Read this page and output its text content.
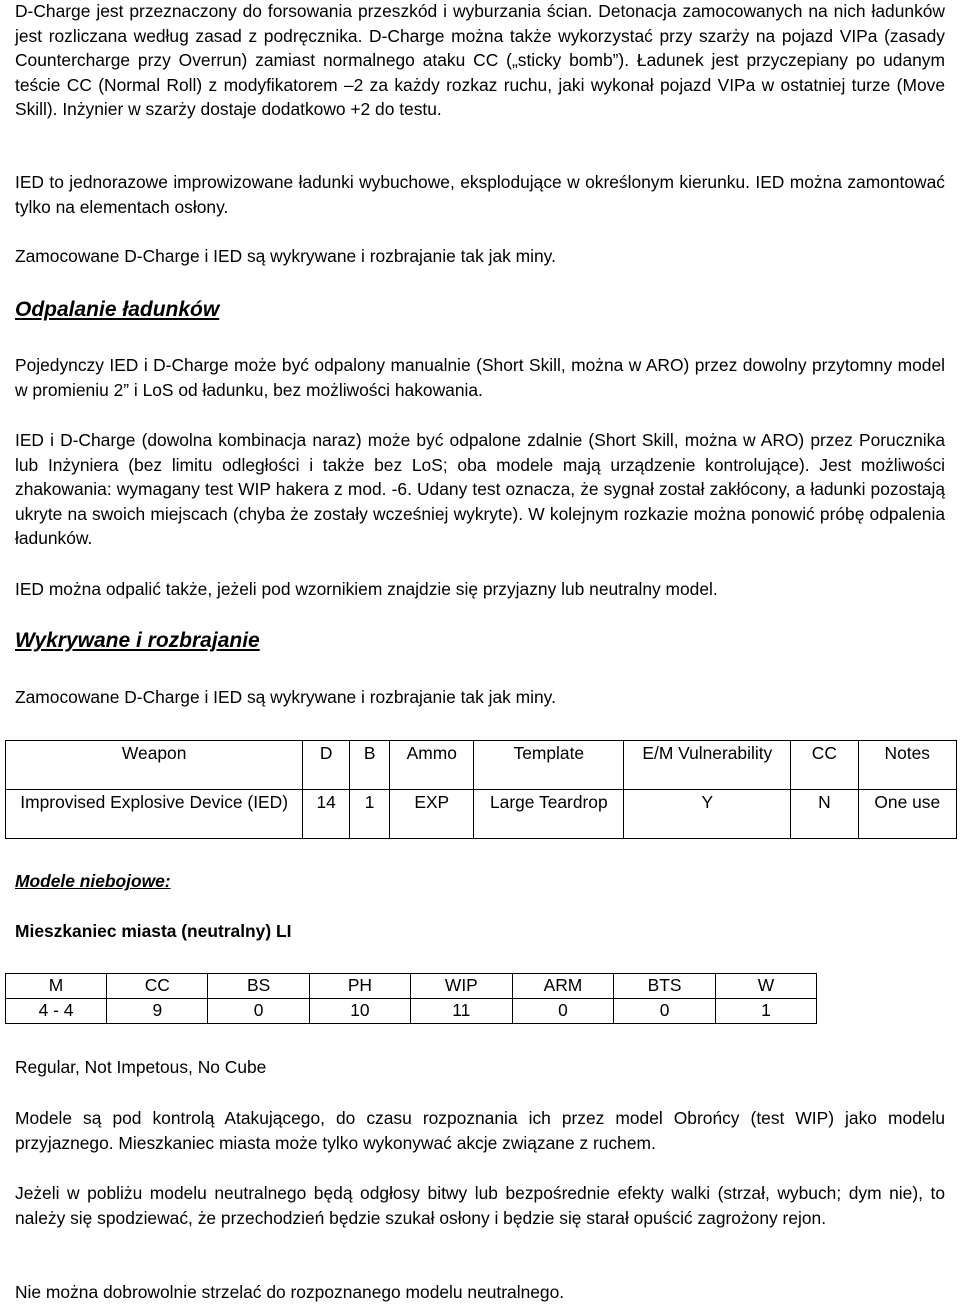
D-Charge jest przeznaczony do forsowania przeszkód i wyburzania ścian. Detonacja zamocowanych na nich ładunków jest rozliczana według zasad z podręcznika. D-Charge można także wykorzystać przy szarży na pojazd VIPa (zasady Countercharge przy Overrun) zamiast normalnego ataku CC („sticky bomb”). Ładunek jest przyczepiany po udanym teście CC (Normal Roll) z modyfikatorem –2 za każdy rozkaz ruchu, jaki wykonał pojazd VIPa w ostatniej turze (Move Skill). Inżynier w szarży dostaje dodatkowo +2 do testu.

IED to jednorazowe improwizowane ładunki wybuchowe, eksplodujące w określonym kierunku. IED można zamontować tylko na elementach osłony.

Zamocowane D-Charge i IED są wykrywane i rozbrajanie tak jak miny.

Odpalanie ładunków

Pojedynczy IED i D-Charge może być odpalony manualnie (Short Skill, można w ARO) przez dowolny przytomny model w promieniu 2” i LoS od ładunku, bez możliwości hakowania.

IED i D-Charge (dowolna kombinacja naraz) może być odpalone zdalnie (Short Skill, można w ARO) przez Porucznika lub Inżyniera (bez limitu odległości i także bez LoS; oba modele mają urządzenie kontrolujące). Jest możliwości zhakowania: wymagany test WIP hakera z mod. -6. Udany test oznacza, że sygnał został zakłócony, a ładunki pozostają ukryte na swoich miejscach (chyba że zostały wcześniej wykryte). W kolejnym rozkazie można ponowić próbę odpalenia ładunków.

IED można odpalić także, jeżeli pod wzornikiem znajdzie się przyjazny lub neutralny model.

Wykrywane i rozbrajanie

Zamocowane D-Charge i IED są wykrywane i rozbrajanie tak jak miny.

Weapon	D	B	Ammo	Template	E/M Vulnerability	CC	Notes
Improvised Explosive Device (IED)	14	1	EXP	Large Teardrop	Y	N	One use

Modele niebojowe:

Mieszkaniec miasta (neutralny) LI

M	CC	BS	PH	WIP	ARM	BTS	W
4 - 4	9	0	10	11	0	0	1

Regular, Not Impetous, No Cube

Modele są pod kontrolą Atakującego, do czasu rozpoznania ich przez model Obrońcy (test WIP) jako modelu przyjaznego. Mieszkaniec miasta może tylko wykonywać akcje związane z ruchem.

Jeżeli w pobliżu modelu neutralnego będą odgłosy bitwy lub bezpośrednie efekty walki (strzał, wybuch; dym nie), to należy się spodziewać, że przechodzień będzie szukał osłony i będzie się starał opuścić zagrożony rejon.

Nie można dobrowolnie strzelać do rozpoznanego modelu neutralnego.
